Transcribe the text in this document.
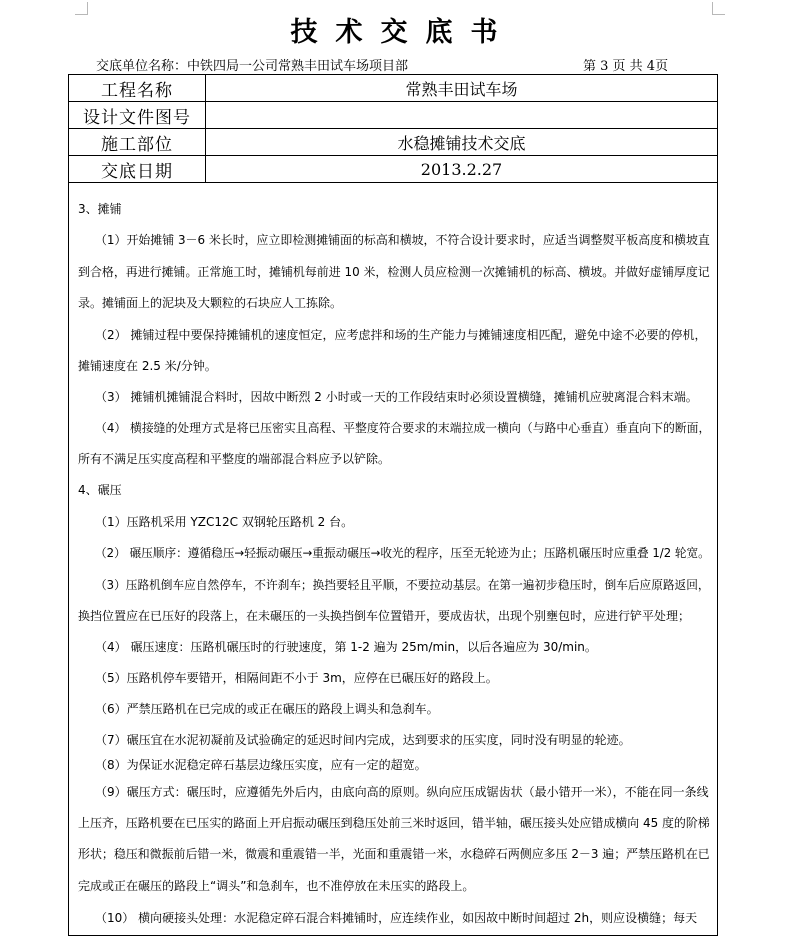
技术交底书
交底单位名称：中铁四局一公司常熟丰田试车场项目部	第 3 页 共 4页
工程名称	常熟丰田试车场
设计文件图号
施工部位	水稳摊铺技术交底
交底日期	2013.2.27
3、摊铺
（1）开始摊铺 3－6 米长时，应立即检测摊铺面的标高和横坡，不符合设计要求时，应适当调整熨平板高度和横坡直
到合格，再进行摊铺。正常施工时，摊铺机每前进 10 米，检测人员应检测一次摊铺机的标高、横坡。并做好虚铺厚度记
录。摊铺面上的泥块及大颗粒的石块应人工拣除。
（2） 摊铺过程中要保持摊铺机的速度恒定，应考虑拌和场的生产能力与摊铺速度相匹配，避免中途不必要的停机，
摊铺速度在 2.5 米/分钟。
（3） 摊铺机摊铺混合料时，因故中断烈 2 小时或一天的工作段结束时必须设置横缝，摊铺机应驶离混合料末端。
（4） 横接缝的处理方式是将已压密实且高程、平整度符合要求的末端拉成一横向（与路中心垂直）垂直向下的断面，
所有不满足压实度高程和平整度的端部混合料应予以铲除。
4、碾压
（1）压路机采用 YZC12C 双钢轮压路机 2 台。
（2） 碾压顺序：遵循稳压→轻振动碾压→重振动碾压→收光的程序，压至无轮迹为止；压路机碾压时应重叠 1/2 轮宽。
（3）压路机倒车应自然停车，不许刹车；换挡要轻且平顺，不要拉动基层。在第一遍初步稳压时，倒车后应原路返回，
换挡位置应在已压好的段落上，在未碾压的一头换挡倒车位置错开，要成齿状，出现个别壅包时，应进行铲平处理；
（4） 碾压速度：压路机碾压时的行驶速度，第 1-2 遍为 25m/min，以后各遍应为 30/min。
（5）压路机停车要错开，相隔间距不小于 3m，应停在已碾压好的路段上。
（6）严禁压路机在已完成的或正在碾压的路段上调头和急刹车。
（7）碾压宜在水泥初凝前及试验确定的延迟时间内完成，达到要求的压实度，同时没有明显的轮迹。
（8）为保证水泥稳定碎石基层边缘压实度，应有一定的超宽。
（9）碾压方式：碾压时，应遵循先外后内，由底向高的原则。纵向应压成锯齿状（最小错开一米），不能在同一条线
上压齐，压路机要在已压实的路面上开启振动碾压到稳压处前三米时返回，错半轴，碾压接头处应错成横向 45 度的阶梯
形状；稳压和微振前后错一米，微震和重震错一半，光面和重震错一米，水稳碎石两侧应多压 2－3 遍；严禁压路机在已
完成或正在碾压的路段上“调头”和急刹车，也不准停放在未压实的路段上。
（10） 横向硬接头处理：水泥稳定碎石混合料摊铺时，应连续作业，如因故中断时间超过 2h，则应设横缝；每天
